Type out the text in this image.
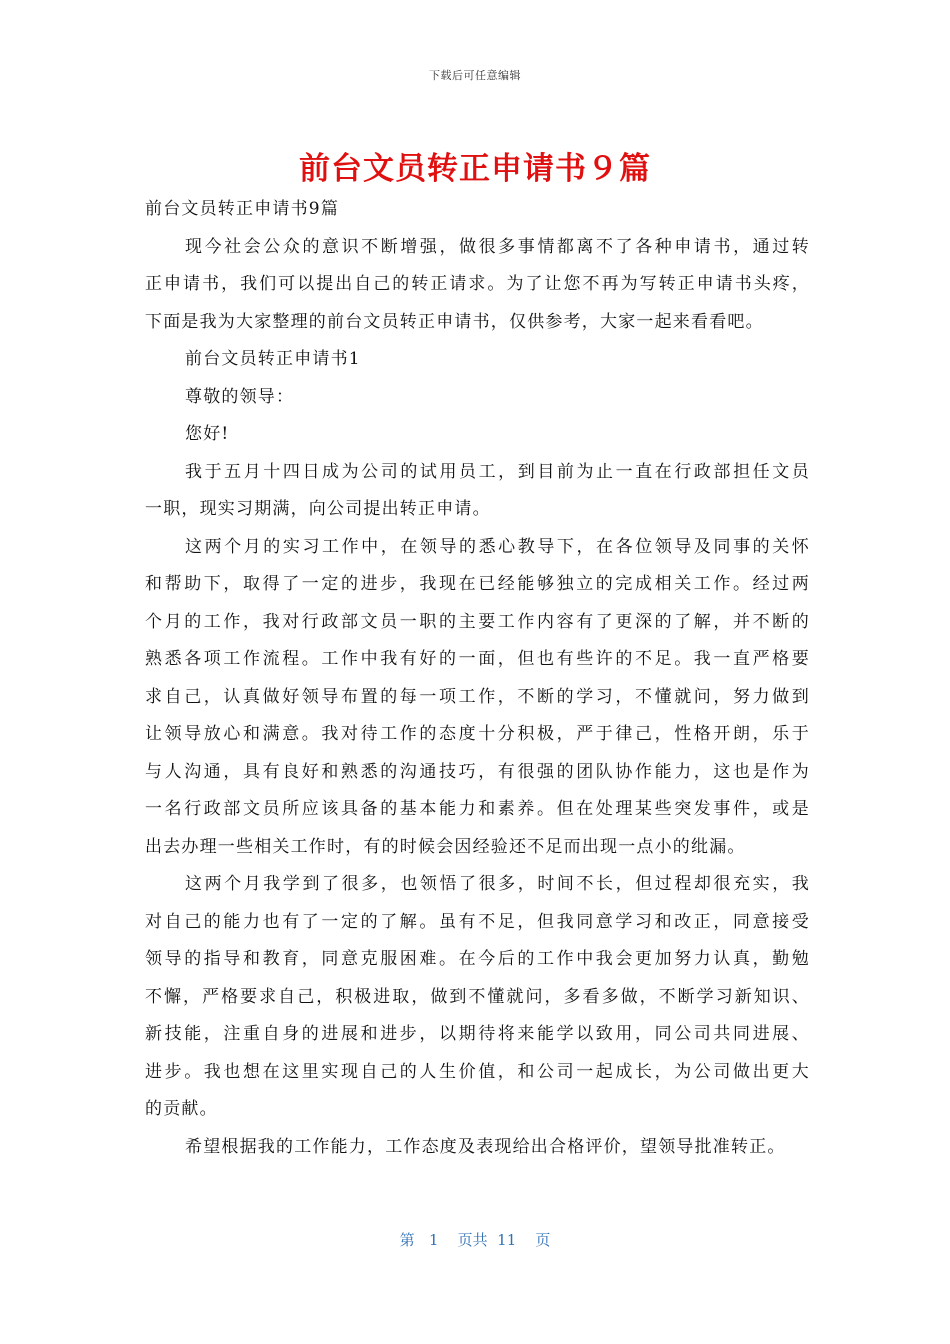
下载后可任意编辑
前台文员转正申请书９篇
前台文员转正申请书9篇
现今社会公众的意识不断增强，做很多事情都离不了各种申请书，通过转
正申请书，我们可以提出自己的转正请求。为了让您不再为写转正申请书头疼，
下面是我为大家整理的前台文员转正申请书，仅供参考，大家一起来看看吧。
前台文员转正申请书1
尊敬的领导：
您好!
我于五月十四日成为公司的试用员工，到目前为止一直在行政部担任文员
一职，现实习期满，向公司提出转正申请。
这两个月的实习工作中，在领导的悉心教导下，在各位领导及同事的关怀
和帮助下，取得了一定的进步，我现在已经能够独立的完成相关工作。经过两
个月的工作，我对行政部文员一职的主要工作内容有了更深的了解，并不断的
熟悉各项工作流程。工作中我有好的一面，但也有些许的不足。我一直严格要
求自己，认真做好领导布置的每一项工作，不断的学习，不懂就问，努力做到
让领导放心和满意。我对待工作的态度十分积极，严于律己，性格开朗，乐于
与人沟通，具有良好和熟悉的沟通技巧，有很强的团队协作能力，这也是作为
一名行政部文员所应该具备的基本能力和素养。但在处理某些突发事件，或是
出去办理一些相关工作时，有的时候会因经验还不足而出现一点小的纰漏。
这两个月我学到了很多，也领悟了很多，时间不长，但过程却很充实，我
对自己的能力也有了一定的了解。虽有不足，但我同意学习和改正，同意接受
领导的指导和教育，同意克服困难。在今后的工作中我会更加努力认真，勤勉
不懈，严格要求自己，积极进取，做到不懂就问，多看多做，不断学习新知识、
新技能，注重自身的进展和进步，以期待将来能学以致用，同公司共同进展、
进步。我也想在这里实现自己的人生价值，和公司一起成长，为公司做出更大
的贡献。
希望根据我的工作能力，工作态度及表现给出合格评价，望领导批准转正。
第 1 页共 11 页
